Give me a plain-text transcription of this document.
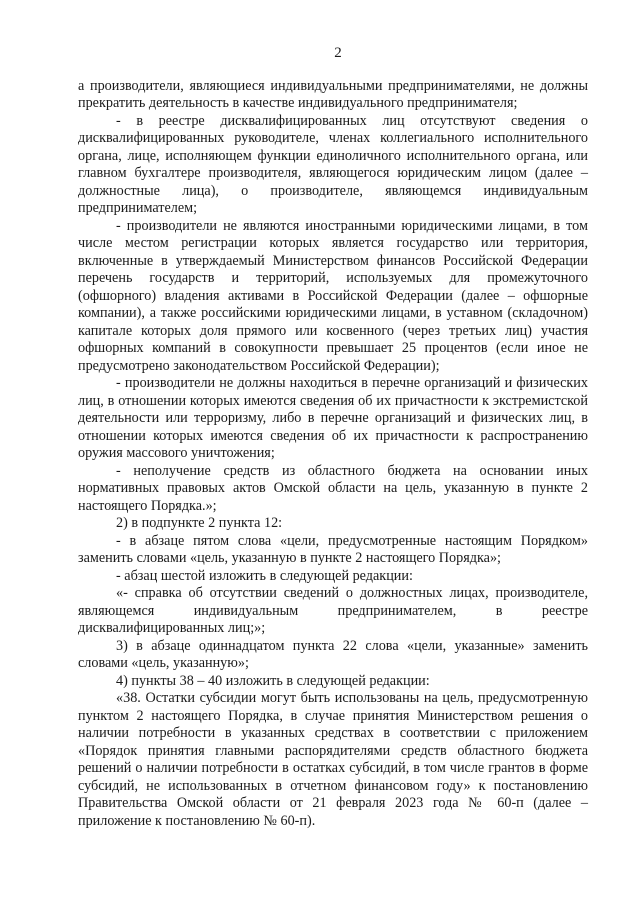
2

а производители, являющиеся индивидуальными предпринимателями, не должны прекратить деятельность в качестве индивидуального предпринимателя;

- в реестре дисквалифицированных лиц отсутствуют сведения о дисквалифицированных руководителе, членах коллегиального исполнительного органа, лице, исполняющем функции единоличного исполнительного органа, или главном бухгалтере производителя, являющегося юридическим лицом (далее – должностные лица), о производителе, являющемся индивидуальным предпринимателем;

- производители не являются иностранными юридическими лицами, в том числе местом регистрации которых является государство или территория, включенные в утверждаемый Министерством финансов Российской Федерации перечень государств и территорий, используемых для промежуточного (офшорного) владения активами в Российской Федерации (далее – офшорные компании), а также российскими юридическими лицами, в уставном (складочном) капитале которых доля прямого или косвенного (через третьих лиц) участия офшорных компаний в совокупности превышает 25 процентов (если иное не предусмотрено законодательством Российской Федерации);

- производители не должны находиться в перечне организаций и физических лиц, в отношении которых имеются сведения об их причастности к экстремистской деятельности или терроризму, либо в перечне организаций и физических лиц, в отношении которых имеются сведения об их причастности к распространению оружия массового уничтожения;

- неполучение средств из областного бюджета на основании иных нормативных правовых актов Омской области на цель, указанную в пункте 2 настоящего Порядка.»;

2) в подпункте 2 пункта 12:

- в абзаце пятом слова «цели, предусмотренные настоящим Порядком» заменить словами «цель, указанную в пункте 2 настоящего Порядка»;

- абзац шестой изложить в следующей редакции:

«- справка об отсутствии сведений о должностных лицах, производителе, являющемся индивидуальным предпринимателем, в реестре дисквалифицированных лиц;»;

3) в абзаце одиннадцатом пункта 22 слова «цели, указанные» заменить словами «цель, указанную»;

4) пункты 38 – 40 изложить в следующей редакции:

«38. Остатки субсидии могут быть использованы на цель, предусмотренную пунктом 2 настоящего Порядка, в случае принятия Министерством решения о наличии потребности в указанных средствах в соответствии с приложением «Порядок принятия главными распорядителями средств областного бюджета решений о наличии потребности в остатках субсидий, в том числе грантов в форме субсидий, не использованных в отчетном финансовом году» к постановлению Правительства Омской области от 21 февраля 2023 года № 60-п (далее – приложение к постановлению № 60-п).
